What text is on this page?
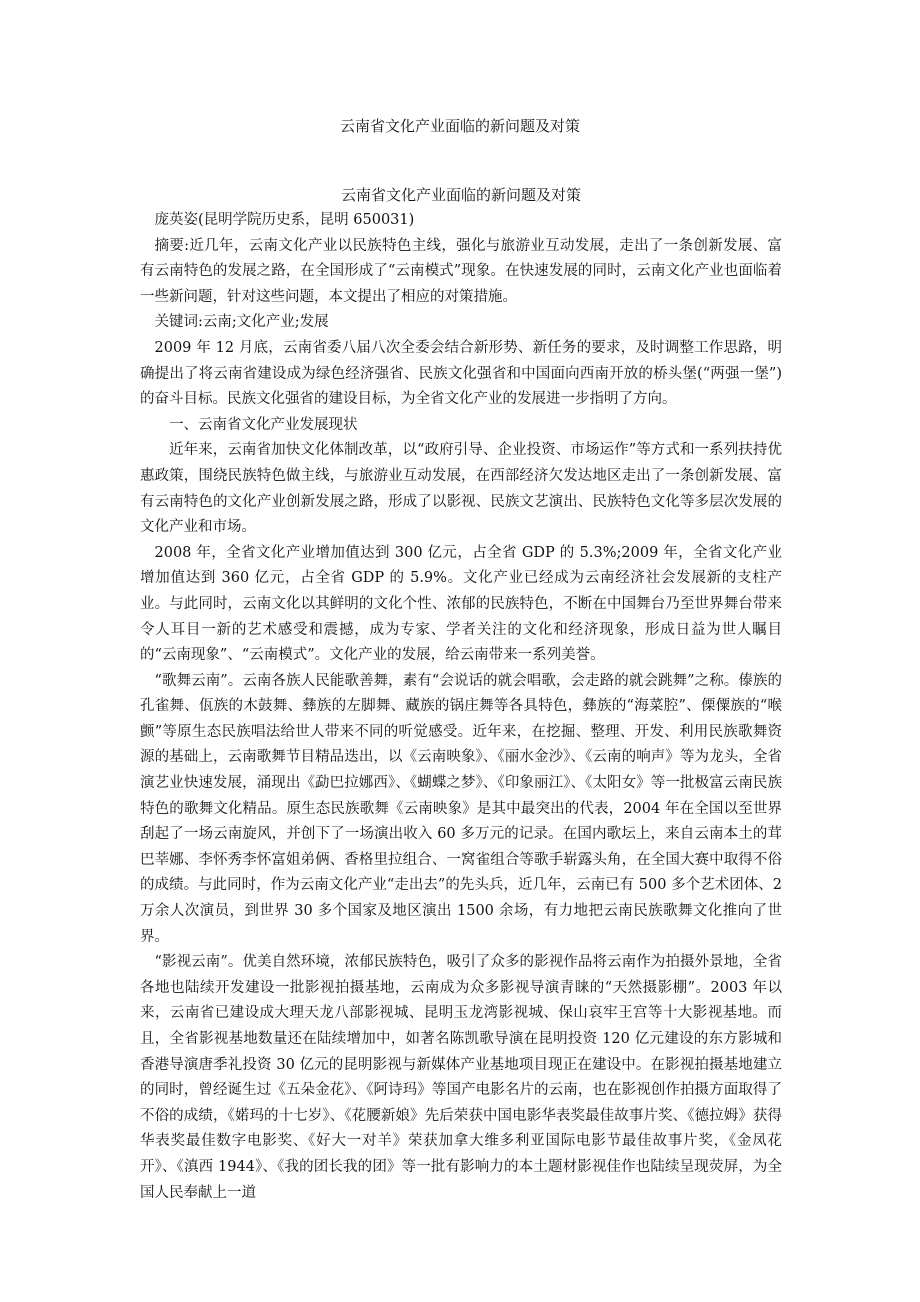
云南省文化产业面临的新问题及对策

云南省文化产业面临的新问题及对策

庞英姿(昆明学院历史系，昆明 650031)

摘要:近几年，云南文化产业以民族特色主线，强化与旅游业互动发展，走出了一条创新发展、富有云南特色的发展之路，在全国形成了“云南模式”现象。在快速发展的同时，云南文化产业也面临着一些新问题，针对这些问题，本文提出了相应的对策措施。

关键词:云南;文化产业;发展

2009 年 12 月底，云南省委八届八次全委会结合新形势、新任务的要求，及时调整工作思路，明确提出了将云南省建设成为绿色经济强省、民族文化强省和中国面向西南开放的桥头堡(“两强一堡”)的奋斗目标。民族文化强省的建设目标，为全省文化产业的发展进一步指明了方向。

一、云南省文化产业发展现状

近年来，云南省加快文化体制改革，以“政府引导、企业投资、市场运作”等方式和一系列扶持优惠政策，围绕民族特色做主线，与旅游业互动发展，在西部经济欠发达地区走出了一条创新发展、富有云南特色的文化产业创新发展之路，形成了以影视、民族文艺演出、民族特色文化等多层次发展的文化产业和市场。

2008 年，全省文化产业增加值达到 300 亿元，占全省 GDP 的 5.3%;2009 年，全省文化产业增加值达到 360 亿元，占全省 GDP 的 5.9%。文化产业已经成为云南经济社会发展新的支柱产业。与此同时，云南文化以其鲜明的文化个性、浓郁的民族特色，不断在中国舞台乃至世界舞台带来令人耳目一新的艺术感受和震撼，成为专家、学者关注的文化和经济现象，形成日益为世人瞩目的“云南现象”、“云南模式”。文化产业的发展，给云南带来一系列美誉。

“歌舞云南”。云南各族人民能歌善舞，素有“会说话的就会唱歌，会走路的就会跳舞”之称。傣族的孔雀舞、佤族的木鼓舞、彝族的左脚舞、藏族的锅庄舞等各具特色，彝族的“海菜腔”、傈僳族的“喉颤”等原生态民族唱法给世人带来不同的听觉感受。近年来，在挖掘、整理、开发、利用民族歌舞资源的基础上，云南歌舞节目精品迭出，以《云南映象》、《丽水金沙》、《云南的响声》等为龙头，全省演艺业快速发展，涌现出《勐巴拉娜西》、《蝴蝶之梦》、《印象丽江》、《太阳女》等一批极富云南民族特色的歌舞文化精品。原生态民族歌舞《云南映象》是其中最突出的代表，2004 年在全国以至世界刮起了一场云南旋风，并创下了一场演出收入 60 多万元的记录。在国内歌坛上，来自云南本土的茸巴莘娜、李怀秀李怀富姐弟俩、香格里拉组合、一窝雀组合等歌手崭露头角，在全国大赛中取得不俗的成绩。与此同时，作为云南文化产业“走出去”的先头兵，近几年，云南已有 500 多个艺术团体、2 万余人次演员，到世界 30 多个国家及地区演出 1500 余场，有力地把云南民族歌舞文化推向了世界。

“影视云南”。优美自然环境，浓郁民族特色，吸引了众多的影视作品将云南作为拍摄外景地，全省各地也陆续开发建设一批影视拍摄基地，云南成为众多影视导演青睐的“天然摄影棚”。2003 年以来，云南省已建设成大理天龙八部影视城、昆明玉龙湾影视城、保山哀牢王宫等十大影视基地。而且，全省影视基地数量还在陆续增加中，如著名陈凯歌导演在昆明投资 120 亿元建设的东方影城和香港导演唐季礼投资 30 亿元的昆明影视与新媒体产业基地项目现正在建设中。在影视拍摄基地建立的同时，曾经诞生过《五朵金花》、《阿诗玛》等国产电影名片的云南，也在影视创作拍摄方面取得了不俗的成绩，《婼玛的十七岁》、《花腰新娘》先后荣获中国电影华表奖最佳故事片奖、《德拉姆》获得华表奖最佳数字电影奖、《好大一对羊》荣获加拿大维多利亚国际电影节最佳故事片奖，《金凤花开》、《滇西 1944》、《我的团长我的团》等一批有影响力的本土题材影视佳作也陆续呈现荧屏，为全国人民奉献上一道
